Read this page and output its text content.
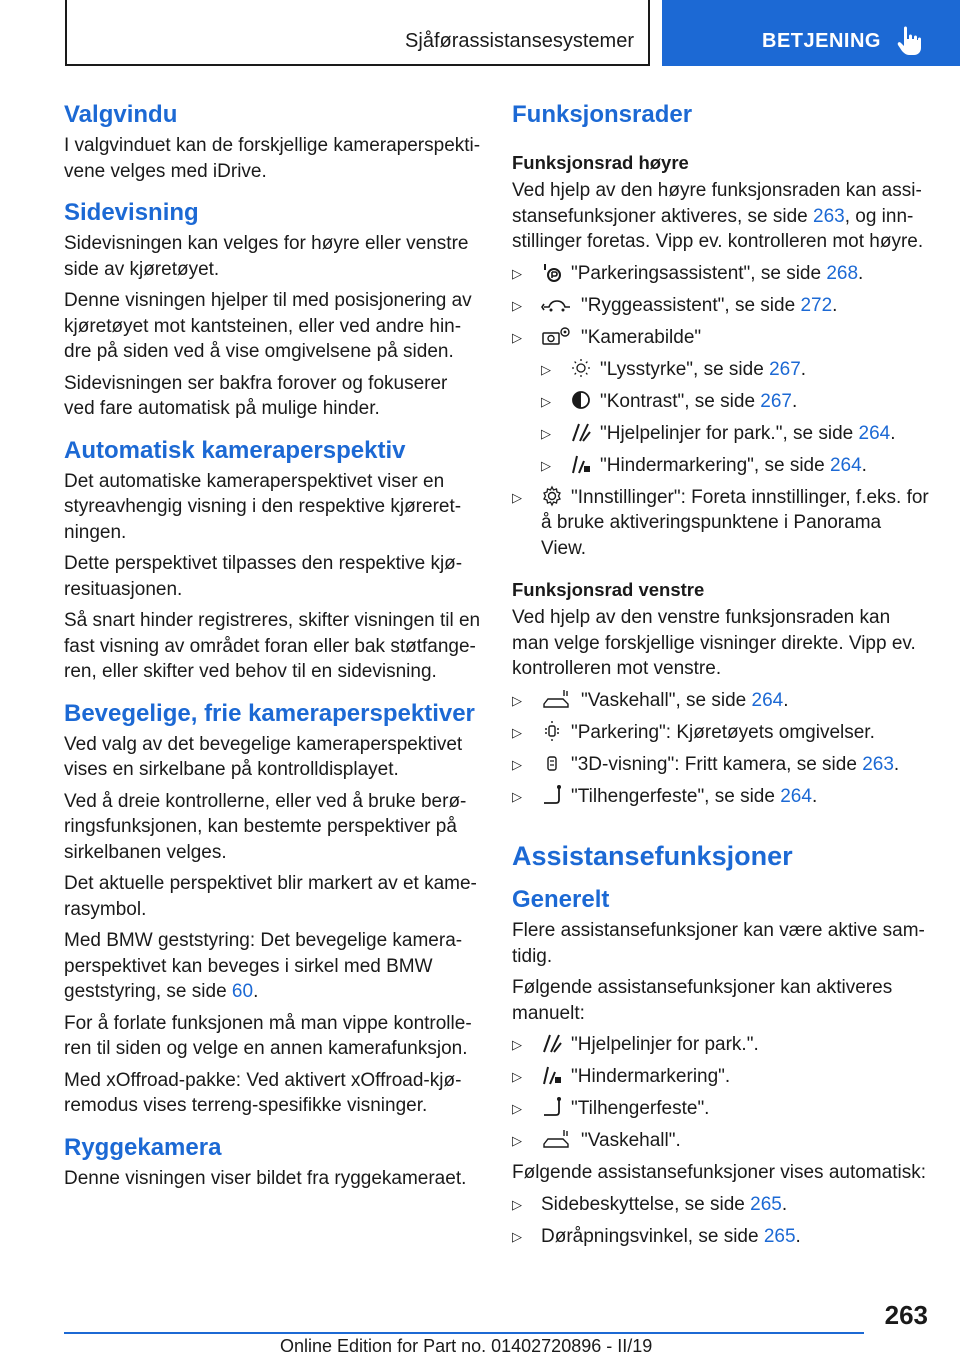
Sjåførassistansesystemer	BETJENING
Valgvindu

I valgvinduet kan de forskjellige kameraperspekti-vene velges med iDrive.

Sidevisning

Sidevisningen kan velges for høyre eller venstre side av kjøretøyet.

Denne visningen hjelper til med posisjonering av kjøretøyet mot kantsteinen, eller ved andre hin-dre på siden ved å vise omgivelsene på siden.

Sidevisningen ser bakfra forover og fokuserer ved fare automatisk på mulige hinder.

Automatisk kameraperspektiv

Det automatiske kameraperspektivet viser en styreavhengig visning i den respektive kjøreret-ningen.

Dette perspektivet tilpasses den respektive kjø-resituasjonen.

Så snart hinder registreres, skifter visningen til en fast visning av området foran eller bak støtfange-ren, eller skifter ved behov til en sidevisning.

Bevegelige, frie kameraperspektiver

Ved valg av det bevegelige kameraperspektivet vises en sirkelbane på kontrolldisplayet.

Ved å dreie kontrollerne, eller ved å bruke berø-ringsfunksjonen, kan bestemte perspektiver på sirkelbanen velges.

Det aktuelle perspektivet blir markert av et kame-rasymbol.

Med BMW geststyring: Det bevegelige kamera-perspektivet kan beveges i sirkel med BMW geststyring, se side 60.

For å forlate funksjonen må man vippe kontrolle-ren til siden og velge en annen kamerafunksjon.

Med xOffroad-pakke: Ved aktivert xOffroad-kjø-remodus vises terreng-spesifikke visninger.

Ryggekamera

Denne visningen viser bildet fra ryggekameraet.

Funksjonsrader
Funksjonsrad høyre

Ved hjelp av den høyre funksjonsraden kan assi-stansefunksjoner aktiveres, se side 263, og inn-stillinger foretas. Vipp ev. kontrolleren mot høyre.

▷	"Parkeringsassistent", se side 268.
▷	"Ryggeassistent", se side 272.
▷	"Kamerabilde"
▷	"Lysstyrke", se side 267.
▷	"Kontrast", se side 267.
▷	"Hjelpelinjer for park.", se side 264.
▷	"Hindermarkering", se side 264.
▷	"Innstillinger": Foreta innstillinger, f.eks. for å bruke aktiveringspunktene i Panorama View.
Funksjonsrad venstre

Ved hjelp av den venstre funksjonsraden kan man velge forskjellige visninger direkte. Vipp ev. kontrolleren mot venstre.

▷	"Vaskehall", se side 264.
▷	"Parkering": Kjøretøyets omgivelser.
▷	"3D-visning": Fritt kamera, se side 263.
▷	"Tilhengerfeste", se side 264.
Assistansefunksjoner
Generelt

Flere assistansefunksjoner kan være aktive sam-tidig.

Følgende assistansefunksjoner kan aktiveres manuelt:

▷	"Hjelpelinjer for park.".
▷	"Hindermarkering".
▷	"Tilhengerfeste".
▷	"Vaskehall".

Følgende assistansefunksjoner vises automatisk:

▷ Sidebeskyttelse, se side 265.
▷ Døråpningsvinkel, se side 265.
263
Online Edition for Part no. 01402720896 - II/19
